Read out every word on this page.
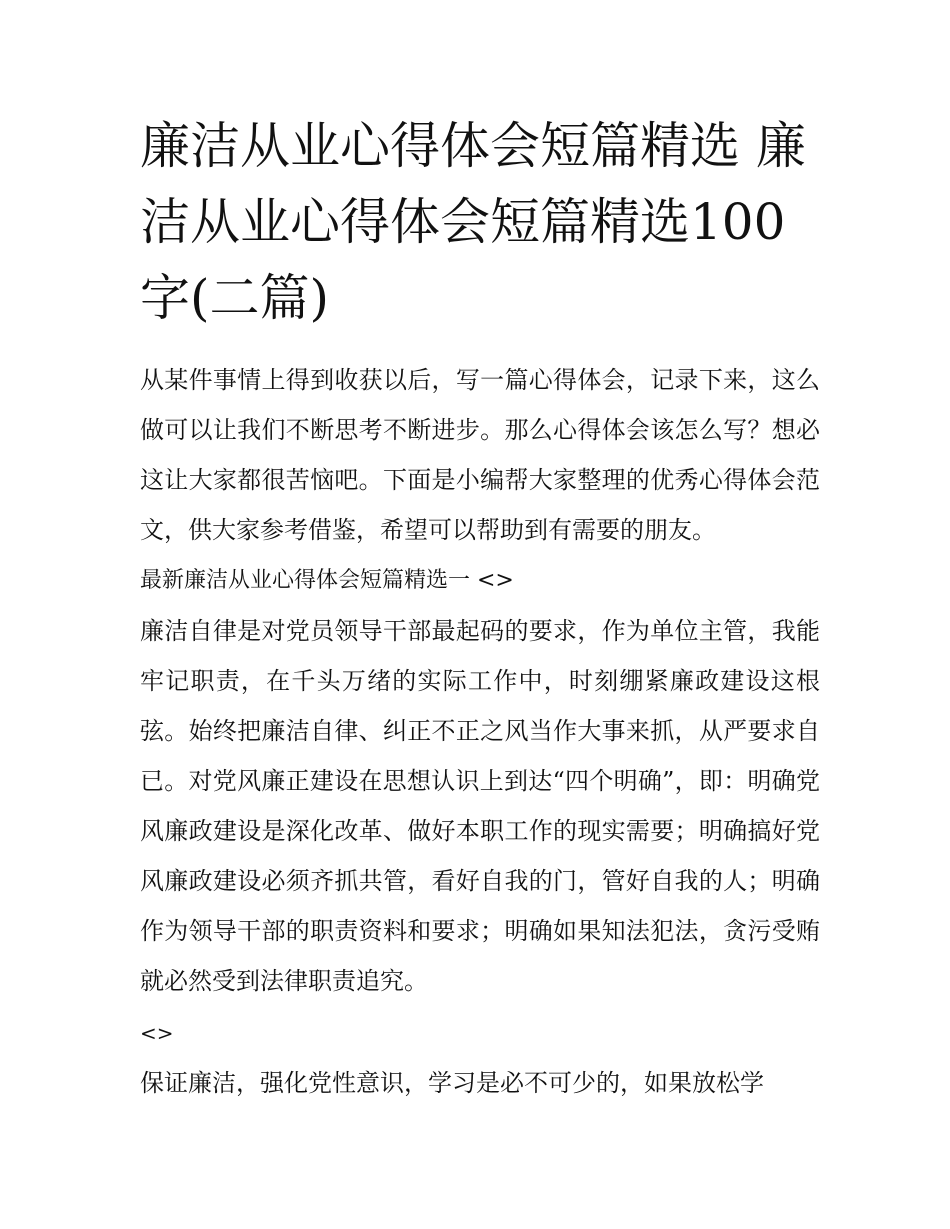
廉洁从业心得体会短篇精选 廉洁从业心得体会短篇精选100字(二篇)

从某件事情上得到收获以后，写一篇心得体会，记录下来，这么做可以让我们不断思考不断进步。那么心得体会该怎么写？想必这让大家都很苦恼吧。下面是小编帮大家整理的优秀心得体会范文，供大家参考借鉴，希望可以帮助到有需要的朋友。

最新廉洁从业心得体会短篇精选一 <>

廉洁自律是对党员领导干部最起码的要求，作为单位主管，我能牢记职责，在千头万绪的实际工作中，时刻绷紧廉政建设这根弦。始终把廉洁自律、纠正不正之风当作大事来抓，从严要求自已。对党风廉正建设在思想认识上到达“四个明确”，即：明确党风廉政建设是深化改革、做好本职工作的现实需要；明确搞好党风廉政建设必须齐抓共管，看好自我的门，管好自我的人；明确作为领导干部的职责资料和要求；明确如果知法犯法，贪污受贿就必然受到法律职责追究。

<>

保证廉洁，强化党性意识，学习是必不可少的，如果放松学
